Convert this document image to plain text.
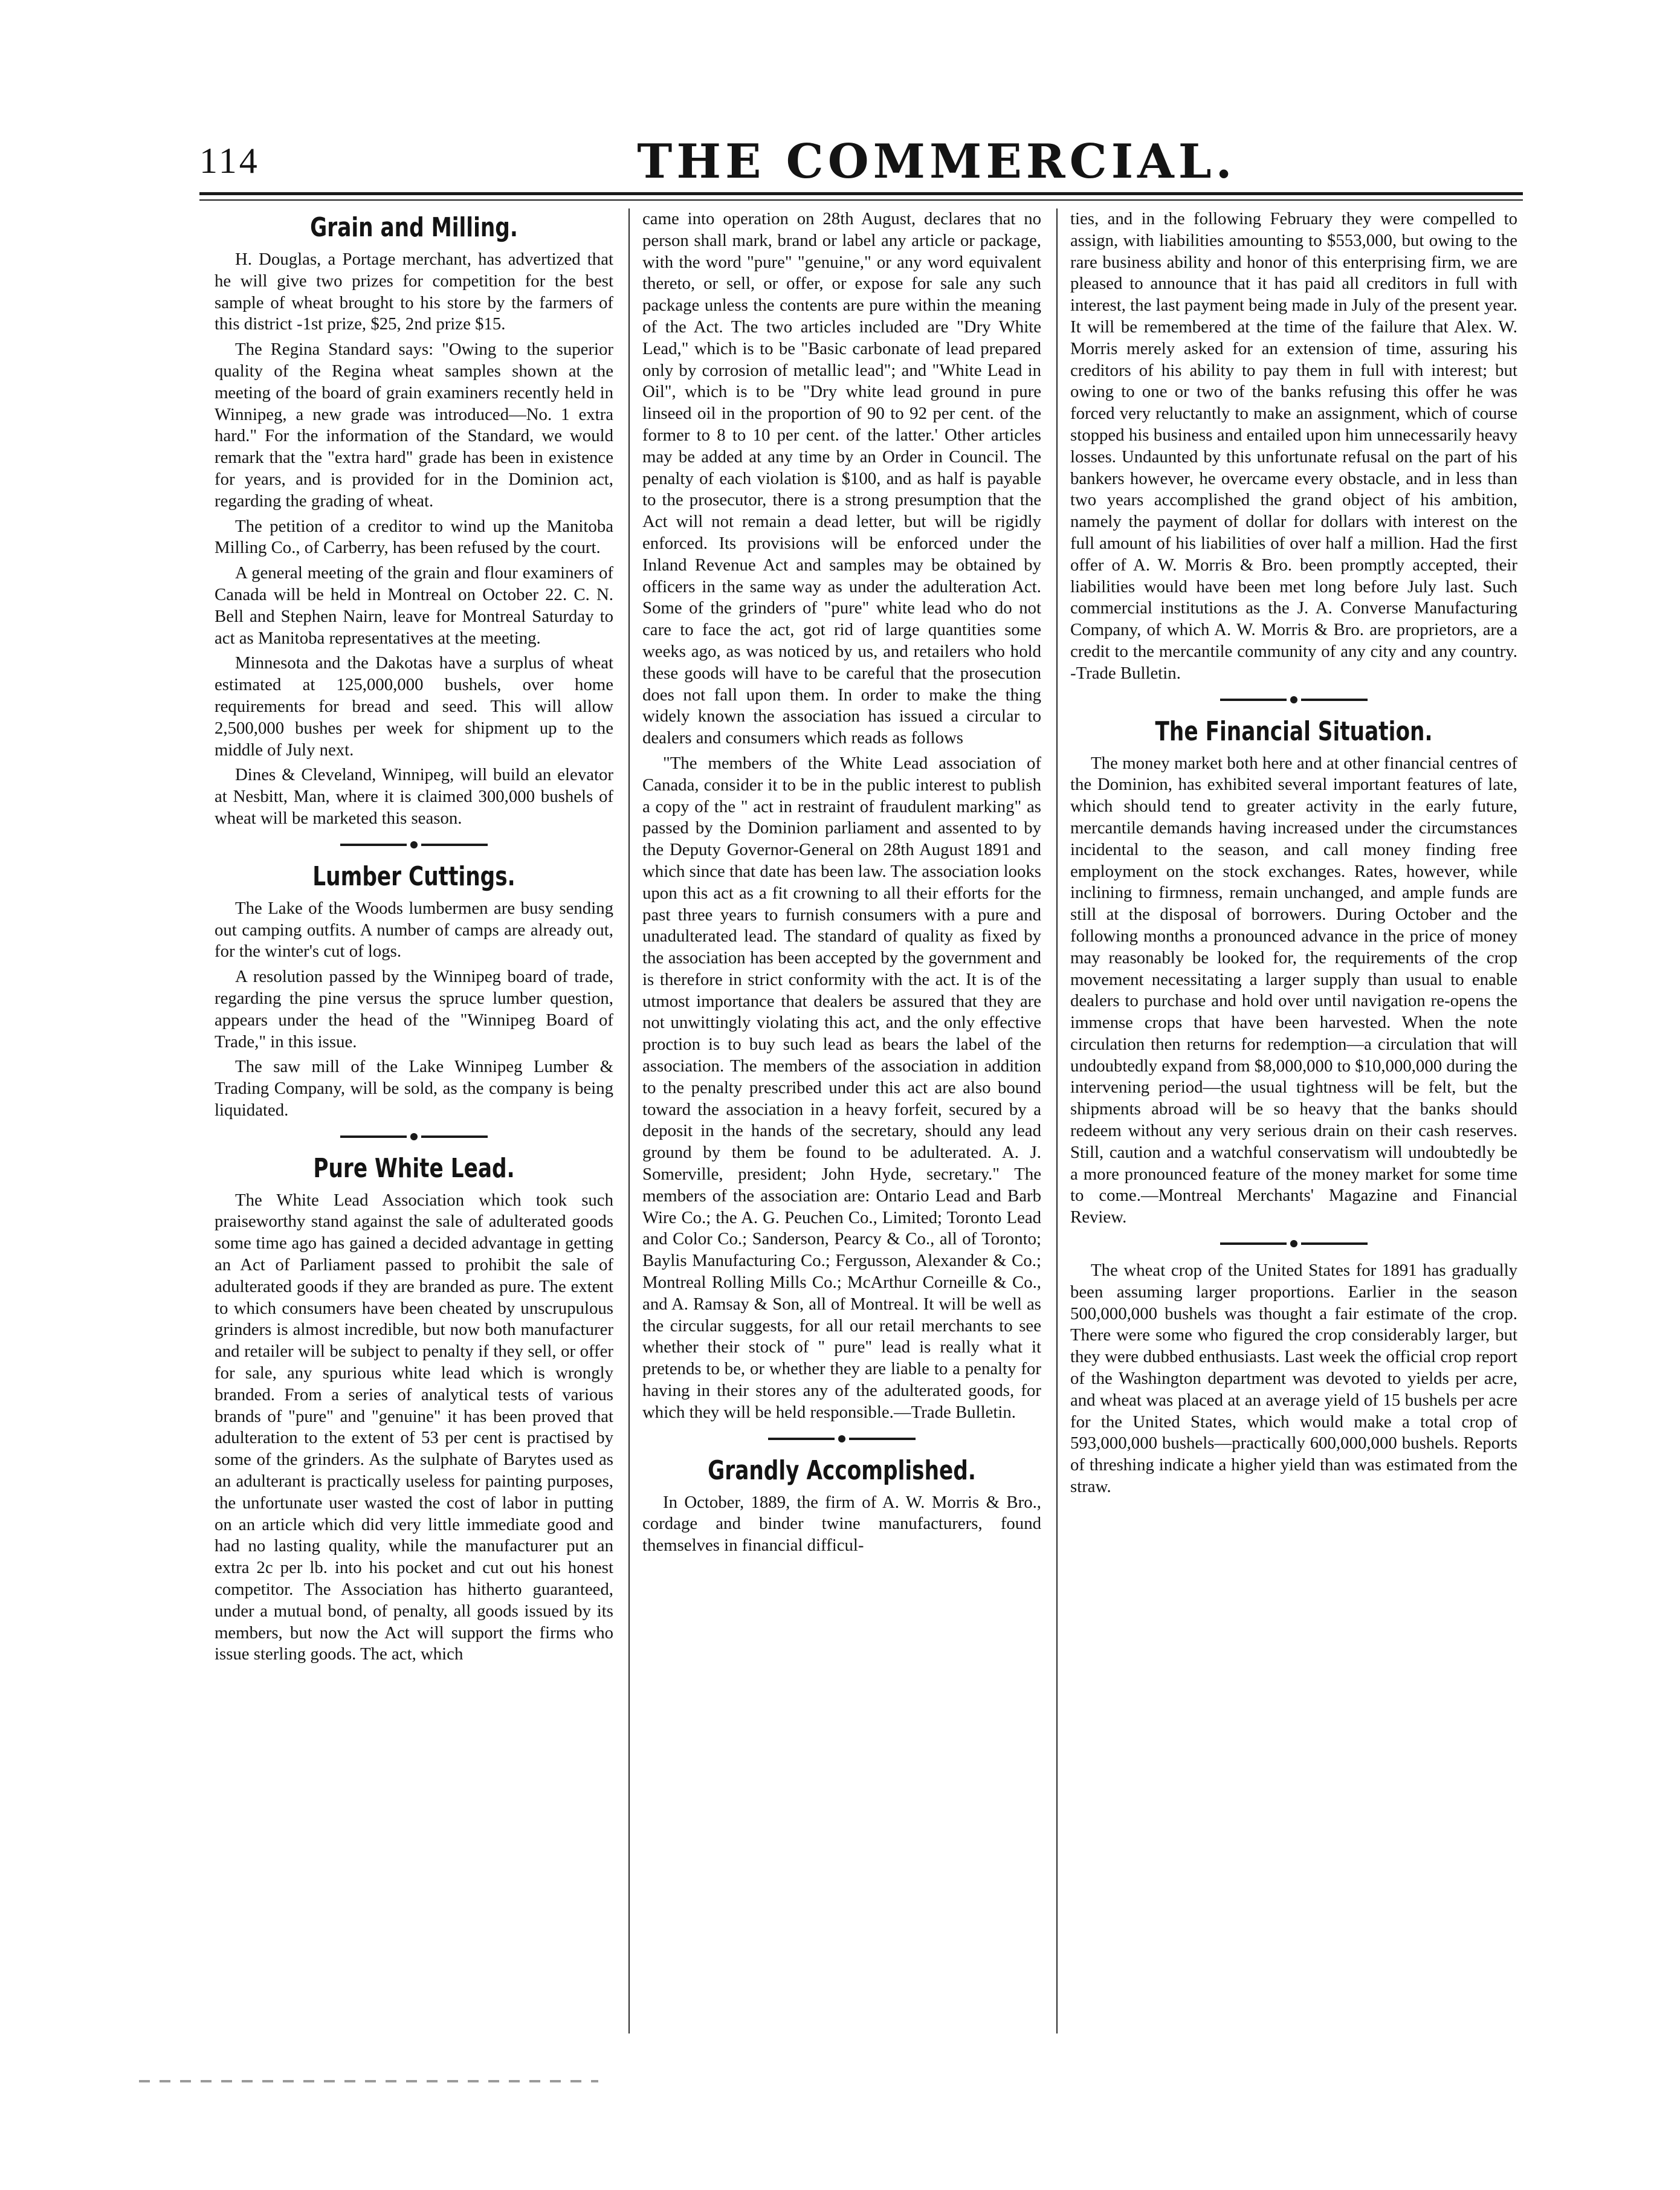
114	THE COMMERCIAL.
Grain and Milling.

H. Douglas, a Portage merchant, has advertized that he will give two prizes for competition for the best sample of wheat brought to his store by the farmers of this district -1st prize, $25, 2nd prize $15.

The Regina Standard says: "Owing to the superior quality of the Regina wheat samples shown at the meeting of the board of grain examiners recently held in Winnipeg, a new grade was introduced—No. 1 extra hard." For the information of the Standard, we would remark that the "extra hard" grade has been in existence for years, and is provided for in the Dominion act, regarding the grading of wheat.

The petition of a creditor to wind up the Manitoba Milling Co., of Carberry, has been refused by the court.

A general meeting of the grain and flour examiners of Canada will be held in Montreal on October 22. C. N. Bell and Stephen Nairn, leave for Montreal Saturday to act as Manitoba representatives at the meeting.

Minnesota and the Dakotas have a surplus of wheat estimated at 125,000,000 bushels, over home requirements for bread and seed. This will allow 2,500,000 bushes per week for shipment up to the middle of July next.

Dines & Cleveland, Winnipeg, will build an elevator at Nesbitt, Man, where it is claimed 300,000 bushels of wheat will be marketed this season.

Lumber Cuttings.

The Lake of the Woods lumbermen are busy sending out camping outfits. A number of camps are already out, for the winter's cut of logs.

A resolution passed by the Winnipeg board of trade, regarding the pine versus the spruce lumber question, appears under the head of the "Winnipeg Board of Trade," in this issue.

The saw mill of the Lake Winnipeg Lumber & Trading Company, will be sold, as the company is being liquidated.

Pure White Lead.

The White Lead Association which took such praiseworthy stand against the sale of adulterated goods some time ago has gained a decided advantage in getting an Act of Parliament passed to prohibit the sale of adulterated goods if they are branded as pure. The extent to which consumers have been cheated by unscrupulous grinders is almost incredible, but now both manufacturer and retailer will be subject to penalty if they sell, or offer for sale, any spurious white lead which is wrongly branded. From a series of analytical tests of various brands of "pure" and "genuine" it has been proved that adulteration to the extent of 53 per cent is practised by some of the grinders. As the sulphate of Barytes used as an adulterant is practically useless for painting purposes, the unfortunate user wasted the cost of labor in putting on an article which did very little immediate good and had no lasting quality, while the manufacturer put an extra 2c per lb. into his pocket and cut out his honest competitor. The Association has hitherto guaranteed, under a mutual bond, of penalty, all goods issued by its members, but now the Act will support the firms who issue sterling goods. The act, which

came into operation on 28th August, declares that no person shall mark, brand or label any article or package, with the word "pure" "genuine," or any word equivalent thereto, or sell, or offer, or expose for sale any such package unless the contents are pure within the meaning of the Act. The two articles included are "Dry White Lead," which is to be "Basic carbonate of lead prepared only by corrosion of metallic lead"; and "White Lead in Oil", which is to be "Dry white lead ground in pure linseed oil in the proportion of 90 to 92 per cent. of the former to 8 to 10 per cent. of the latter.' Other articles may be added at any time by an Order in Council. The penalty of each violation is $100, and as half is payable to the prosecutor, there is a strong presumption that the Act will not remain a dead letter, but will be rigidly enforced. Its provisions will be enforced under the Inland Revenue Act and samples may be obtained by officers in the same way as under the adulteration Act. Some of the grinders of "pure" white lead who do not care to face the act, got rid of large quantities some weeks ago, as was noticed by us, and retailers who hold these goods will have to be careful that the prosecution does not fall upon them. In order to make the thing widely known the association has issued a circular to dealers and consumers which reads as follows

"The members of the White Lead association of Canada, consider it to be in the public interest to publish a copy of the " act in restraint of fraudulent marking" as passed by the Dominion parliament and assented to by the Deputy Governor-General on 28th August 1891 and which since that date has been law. The association looks upon this act as a fit crowning to all their efforts for the past three years to furnish consumers with a pure and unadulterated lead. The standard of quality as fixed by the association has been accepted by the government and is therefore in strict conformity with the act. It is of the utmost importance that dealers be assured that they are not unwittingly violating this act, and the only effective proction is to buy such lead as bears the label of the association. The members of the association in addition to the penalty prescribed under this act are also bound toward the association in a heavy forfeit, secured by a deposit in the hands of the secretary, should any lead ground by them be found to be adulterated. A. J. Somerville, president; John Hyde, secretary." The members of the association are: Ontario Lead and Barb Wire Co.; the A. G. Peuchen Co., Limited; Toronto Lead and Color Co.; Sanderson, Pearcy & Co., all of Toronto; Baylis Manufacturing Co.; Fergusson, Alexander & Co.; Montreal Rolling Mills Co.; McArthur Corneille & Co., and A. Ramsay & Son, all of Montreal. It will be well as the circular suggests, for all our retail merchants to see whether their stock of " pure" lead is really what it pretends to be, or whether they are liable to a penalty for having in their stores any of the adulterated goods, for which they will be held responsible.—Trade Bulletin.

Grandly Accomplished.

In October, 1889, the firm of A. W. Morris & Bro., cordage and binder twine manufacturers, found themselves in financial difficul-

ties, and in the following February they were compelled to assign, with liabilities amounting to $553,000, but owing to the rare business ability and honor of this enterprising firm, we are pleased to announce that it has paid all creditors in full with interest, the last payment being made in July of the present year. It will be remembered at the time of the failure that Alex. W. Morris merely asked for an extension of time, assuring his creditors of his ability to pay them in full with interest; but owing to one or two of the banks refusing this offer he was forced very reluctantly to make an assignment, which of course stopped his business and entailed upon him unnecessarily heavy losses. Undaunted by this unfortunate refusal on the part of his bankers however, he overcame every obstacle, and in less than two years accomplished the grand object of his ambition, namely the payment of dollar for dollars with interest on the full amount of his liabilities of over half a million. Had the first offer of A. W. Morris & Bro. been promptly accepted, their liabilities would have been met long before July last. Such commercial institutions as the J. A. Converse Manufacturing Company, of which A. W. Morris & Bro. are proprietors, are a credit to the mercantile community of any city and any country. -Trade Bulletin.

The Financial Situation.

The money market both here and at other financial centres of the Dominion, has exhibited several important features of late, which should tend to greater activity in the early future, mercantile demands having increased under the circumstances incidental to the season, and call money finding free employment on the stock exchanges. Rates, however, while inclining to firmness, remain unchanged, and ample funds are still at the disposal of borrowers. During October and the following months a pronounced advance in the price of money may reasonably be looked for, the requirements of the crop movement necessitating a larger supply than usual to enable dealers to purchase and hold over until navigation re-opens the immense crops that have been harvested. When the note circulation then returns for redemption—a circulation that will undoubtedly expand from $8,000,000 to $10,000,000 during the intervening period—the usual tightness will be felt, but the shipments abroad will be so heavy that the banks should redeem without any very serious drain on their cash reserves. Still, caution and a watchful conservatism will undoubtedly be a more pronounced feature of the money market for some time to come.—Montreal Merchants' Magazine and Financial Review.

The wheat crop of the United States for 1891 has gradually been assuming larger proportions. Earlier in the season 500,000,000 bushels was thought a fair estimate of the crop. There were some who figured the crop considerably larger, but they were dubbed enthusiasts. Last week the official crop report of the Washington department was devoted to yields per acre, and wheat was placed at an average yield of 15 bushels per acre for the United States, which would make a total crop of 593,000,000 bushels—practically 600,000,000 bushels. Reports of threshing indicate a higher yield than was estimated from the straw.
